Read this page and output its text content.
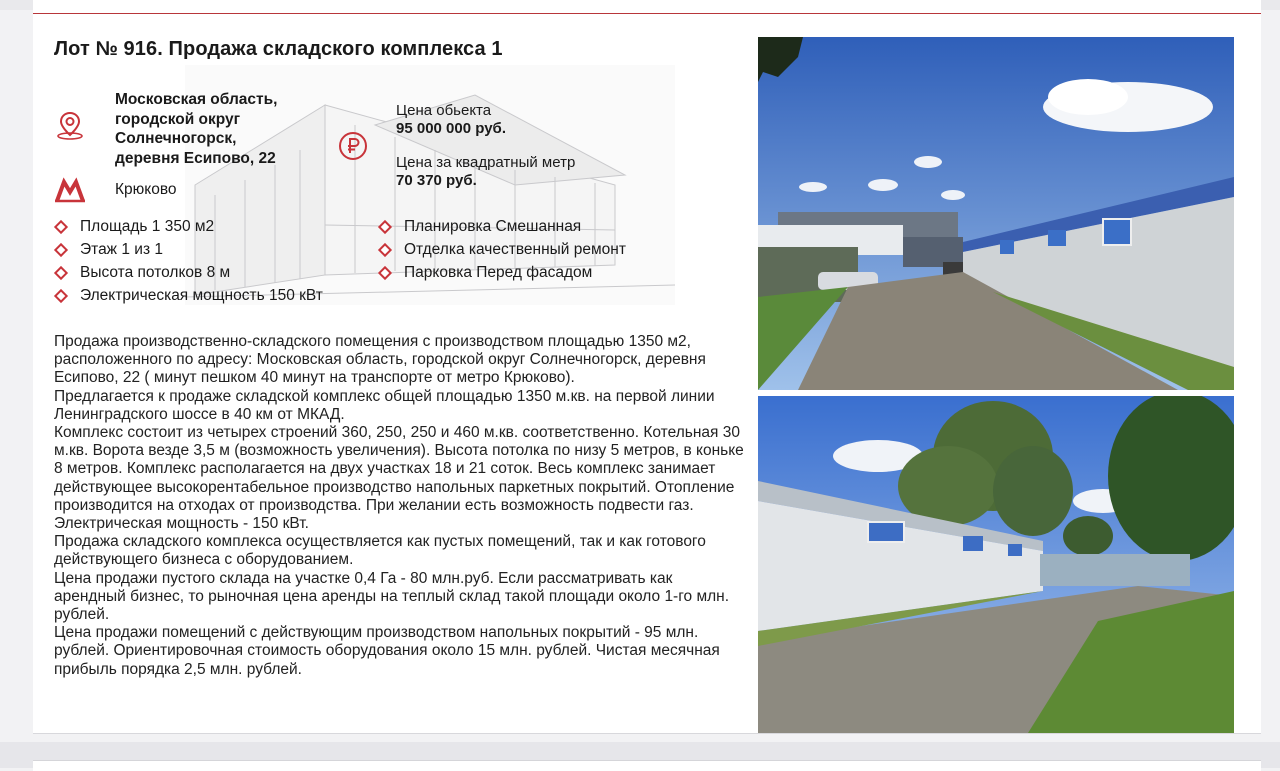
Лот № 916. Продажа складского комплекса 1
Московская область,
городской округ
Солнечногорск,
деревня Есипово, 22
Цена обьекта
95 000 000 руб.
Цена за квадратный метр
70 370 руб.
Крюково
Площадь 1 350 м2
Этаж 1 из 1
Высота потолков 8 м
Электрическая мощность 150 кВт
Планировка Смешанная
Отделка качественный ремонт
Парковка Перед фасадом

Продажа производственно-складского помещения с производством площадью 1350 м2, расположенного по адресу: Московская область, городской округ Солнечногорск, деревня Есипово, 22 ( минут пешком 40 минут на транспорте от метро Крюково).

Предлагается к продаже складской комплекс общей площадью 1350 м.кв. на первой линии Ленинградского шоссе в 40 км от МКАД.

Комплекс состоит из четырех строений 360, 250, 250 и 460 м.кв. соответственно. Котельная 30 м.кв. Ворота везде 3,5 м (возможность увеличения). Высота потолка по низу 5 метров, в коньке 8 метров. Комплекс располагается на двух участках 18 и 21 соток. Весь комплекс занимает действующее высокорентабельное производство напольных паркетных покрытий. Отопление производится на отходах от производства. При желании есть возможность подвести газ. Электрическая мощность - 150 кВт.

Продажа складского комплекса осуществляется как пустых помещений, так и как готового действующего бизнеса с оборудованием.

Цена продажи пустого склада на участке 0,4 Га - 80 млн.руб. Если рассматривать как арендный бизнес, то рыночная цена аренды на теплый склад такой площади около 1-го млн. рублей.

Цена продажи помещений с действующим производством напольных покрытий - 95 млн. рублей. Ориентировочная стоимость оборудования около 15 млн. рублей. Чистая месячная прибыль порядка 2,5 млн. рублей.
